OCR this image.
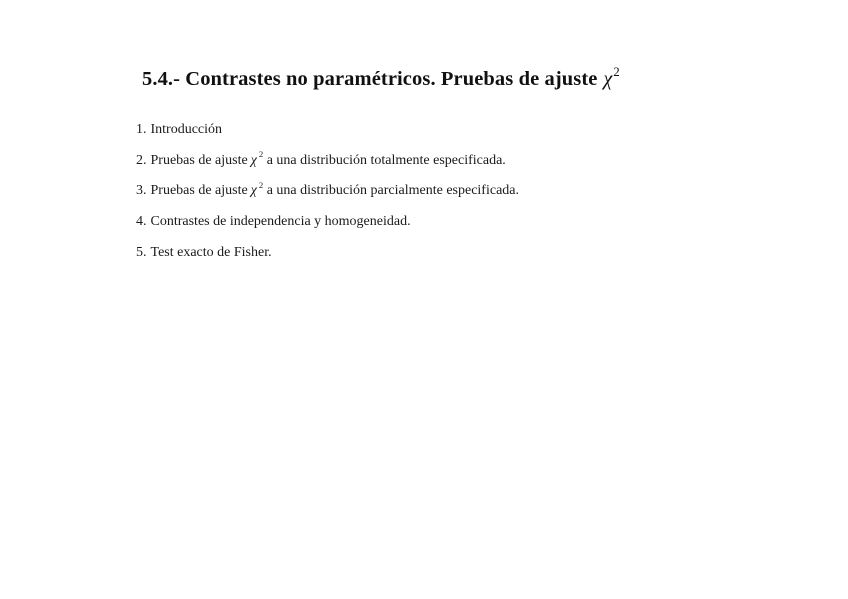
5.4.- Contrastes no paramétricos. Pruebas de ajuste $\chi^2$
1. Introducción
2. Pruebas de ajuste χ $^2$ a una distribución totalmente especificada.
3. Pruebas de ajuste χ $^2$ a una distribución parcialmente especificada.
4. Contrastes de independencia y homogeneidad.
5. Test exacto de Fisher.
